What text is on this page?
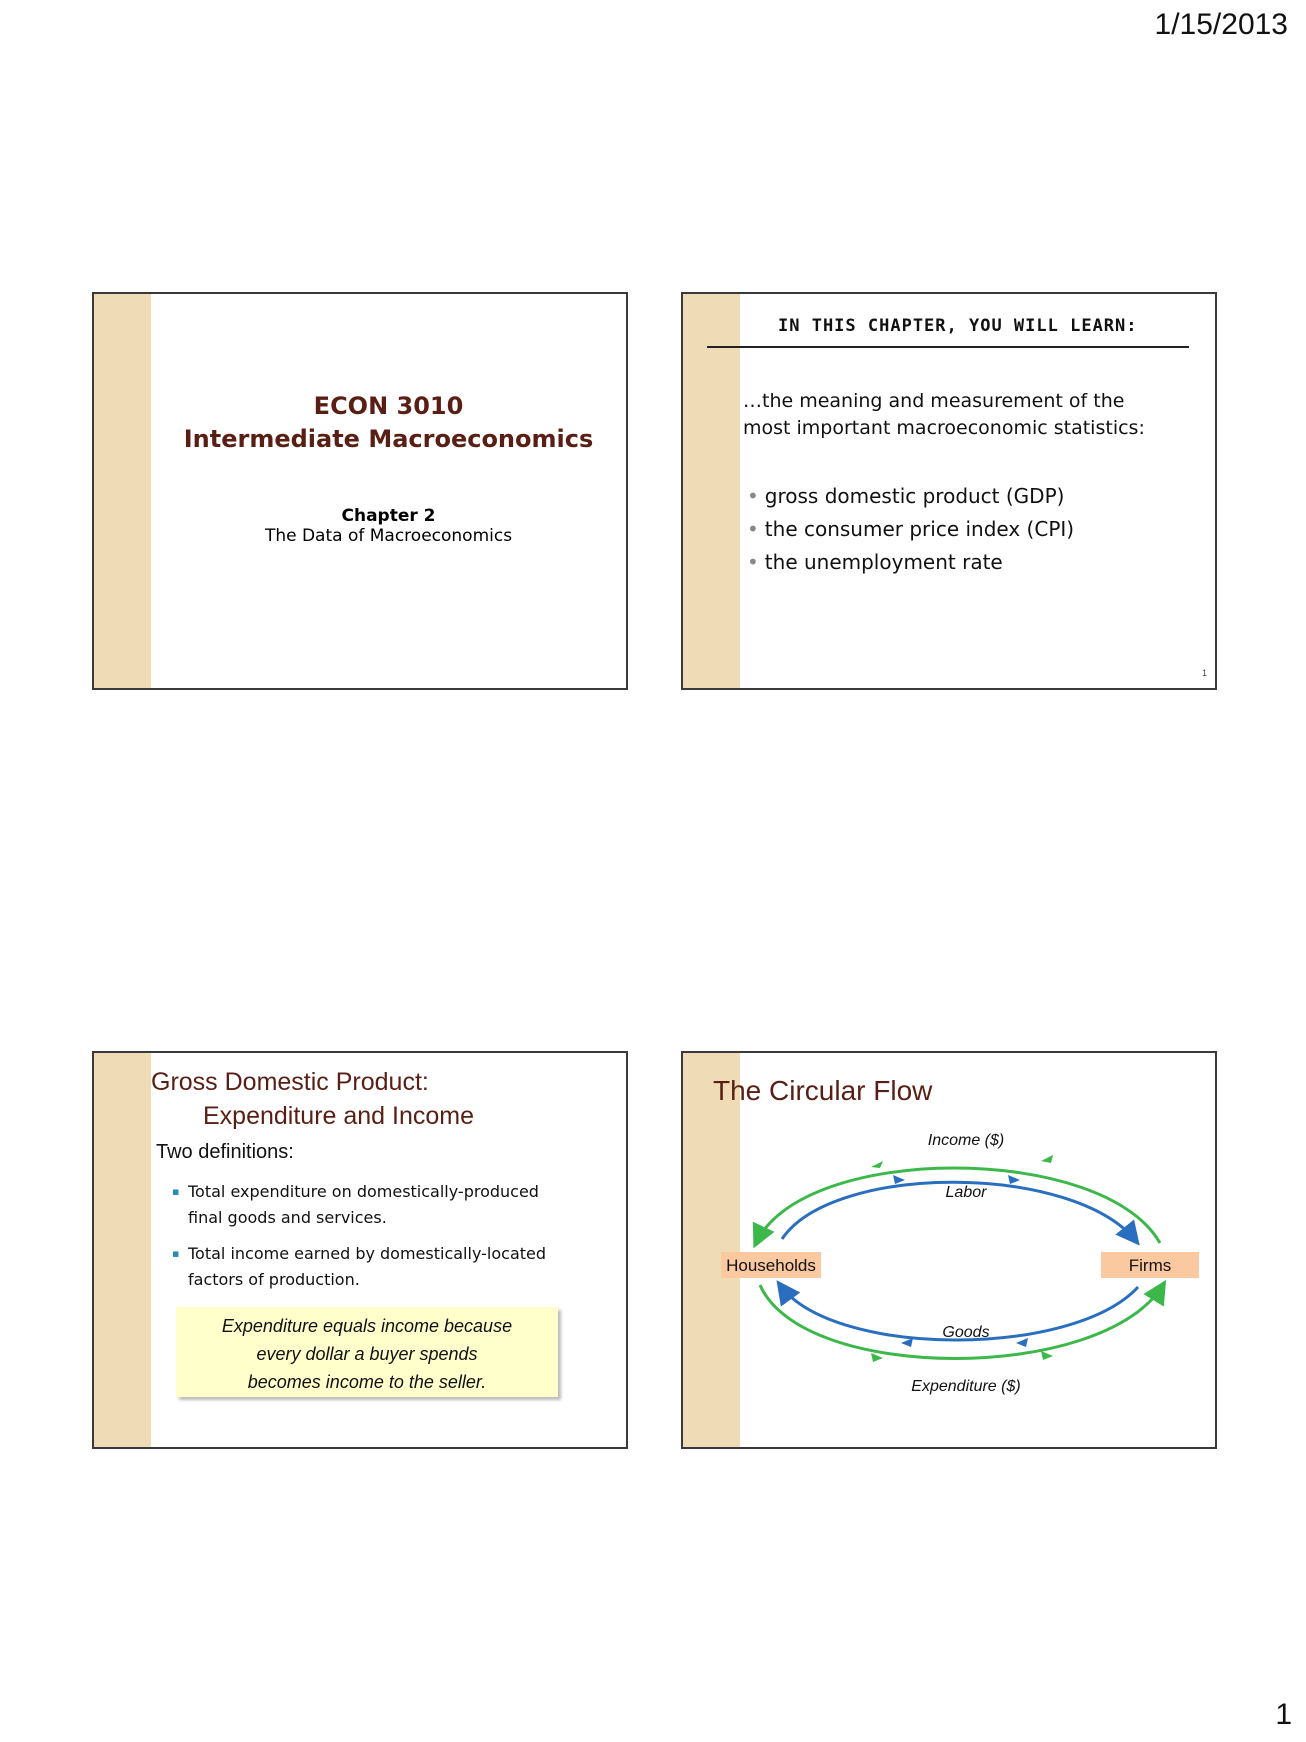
1/15/2013
ECON 3010
Intermediate Macroeconomics
Chapter 2
The Data of Macroeconomics
IN THIS CHAPTER, YOU WILL LEARN:
…the meaning and measurement of the
most important macroeconomic statistics:
• gross domestic product (GDP)
• the consumer price index (CPI)
• the unemployment rate
1
Gross Domestic Product:
Expenditure and Income
Two definitions:
▪ Total expenditure on domestically-produced
final goods and services.
▪ Total income earned by domestically-located
factors of production.
Expenditure equals income because
every dollar a buyer spends
becomes income to the seller.
The Circular Flow
Households	Firms
Income ($)
Labor
Goods
Expenditure ($)
1
